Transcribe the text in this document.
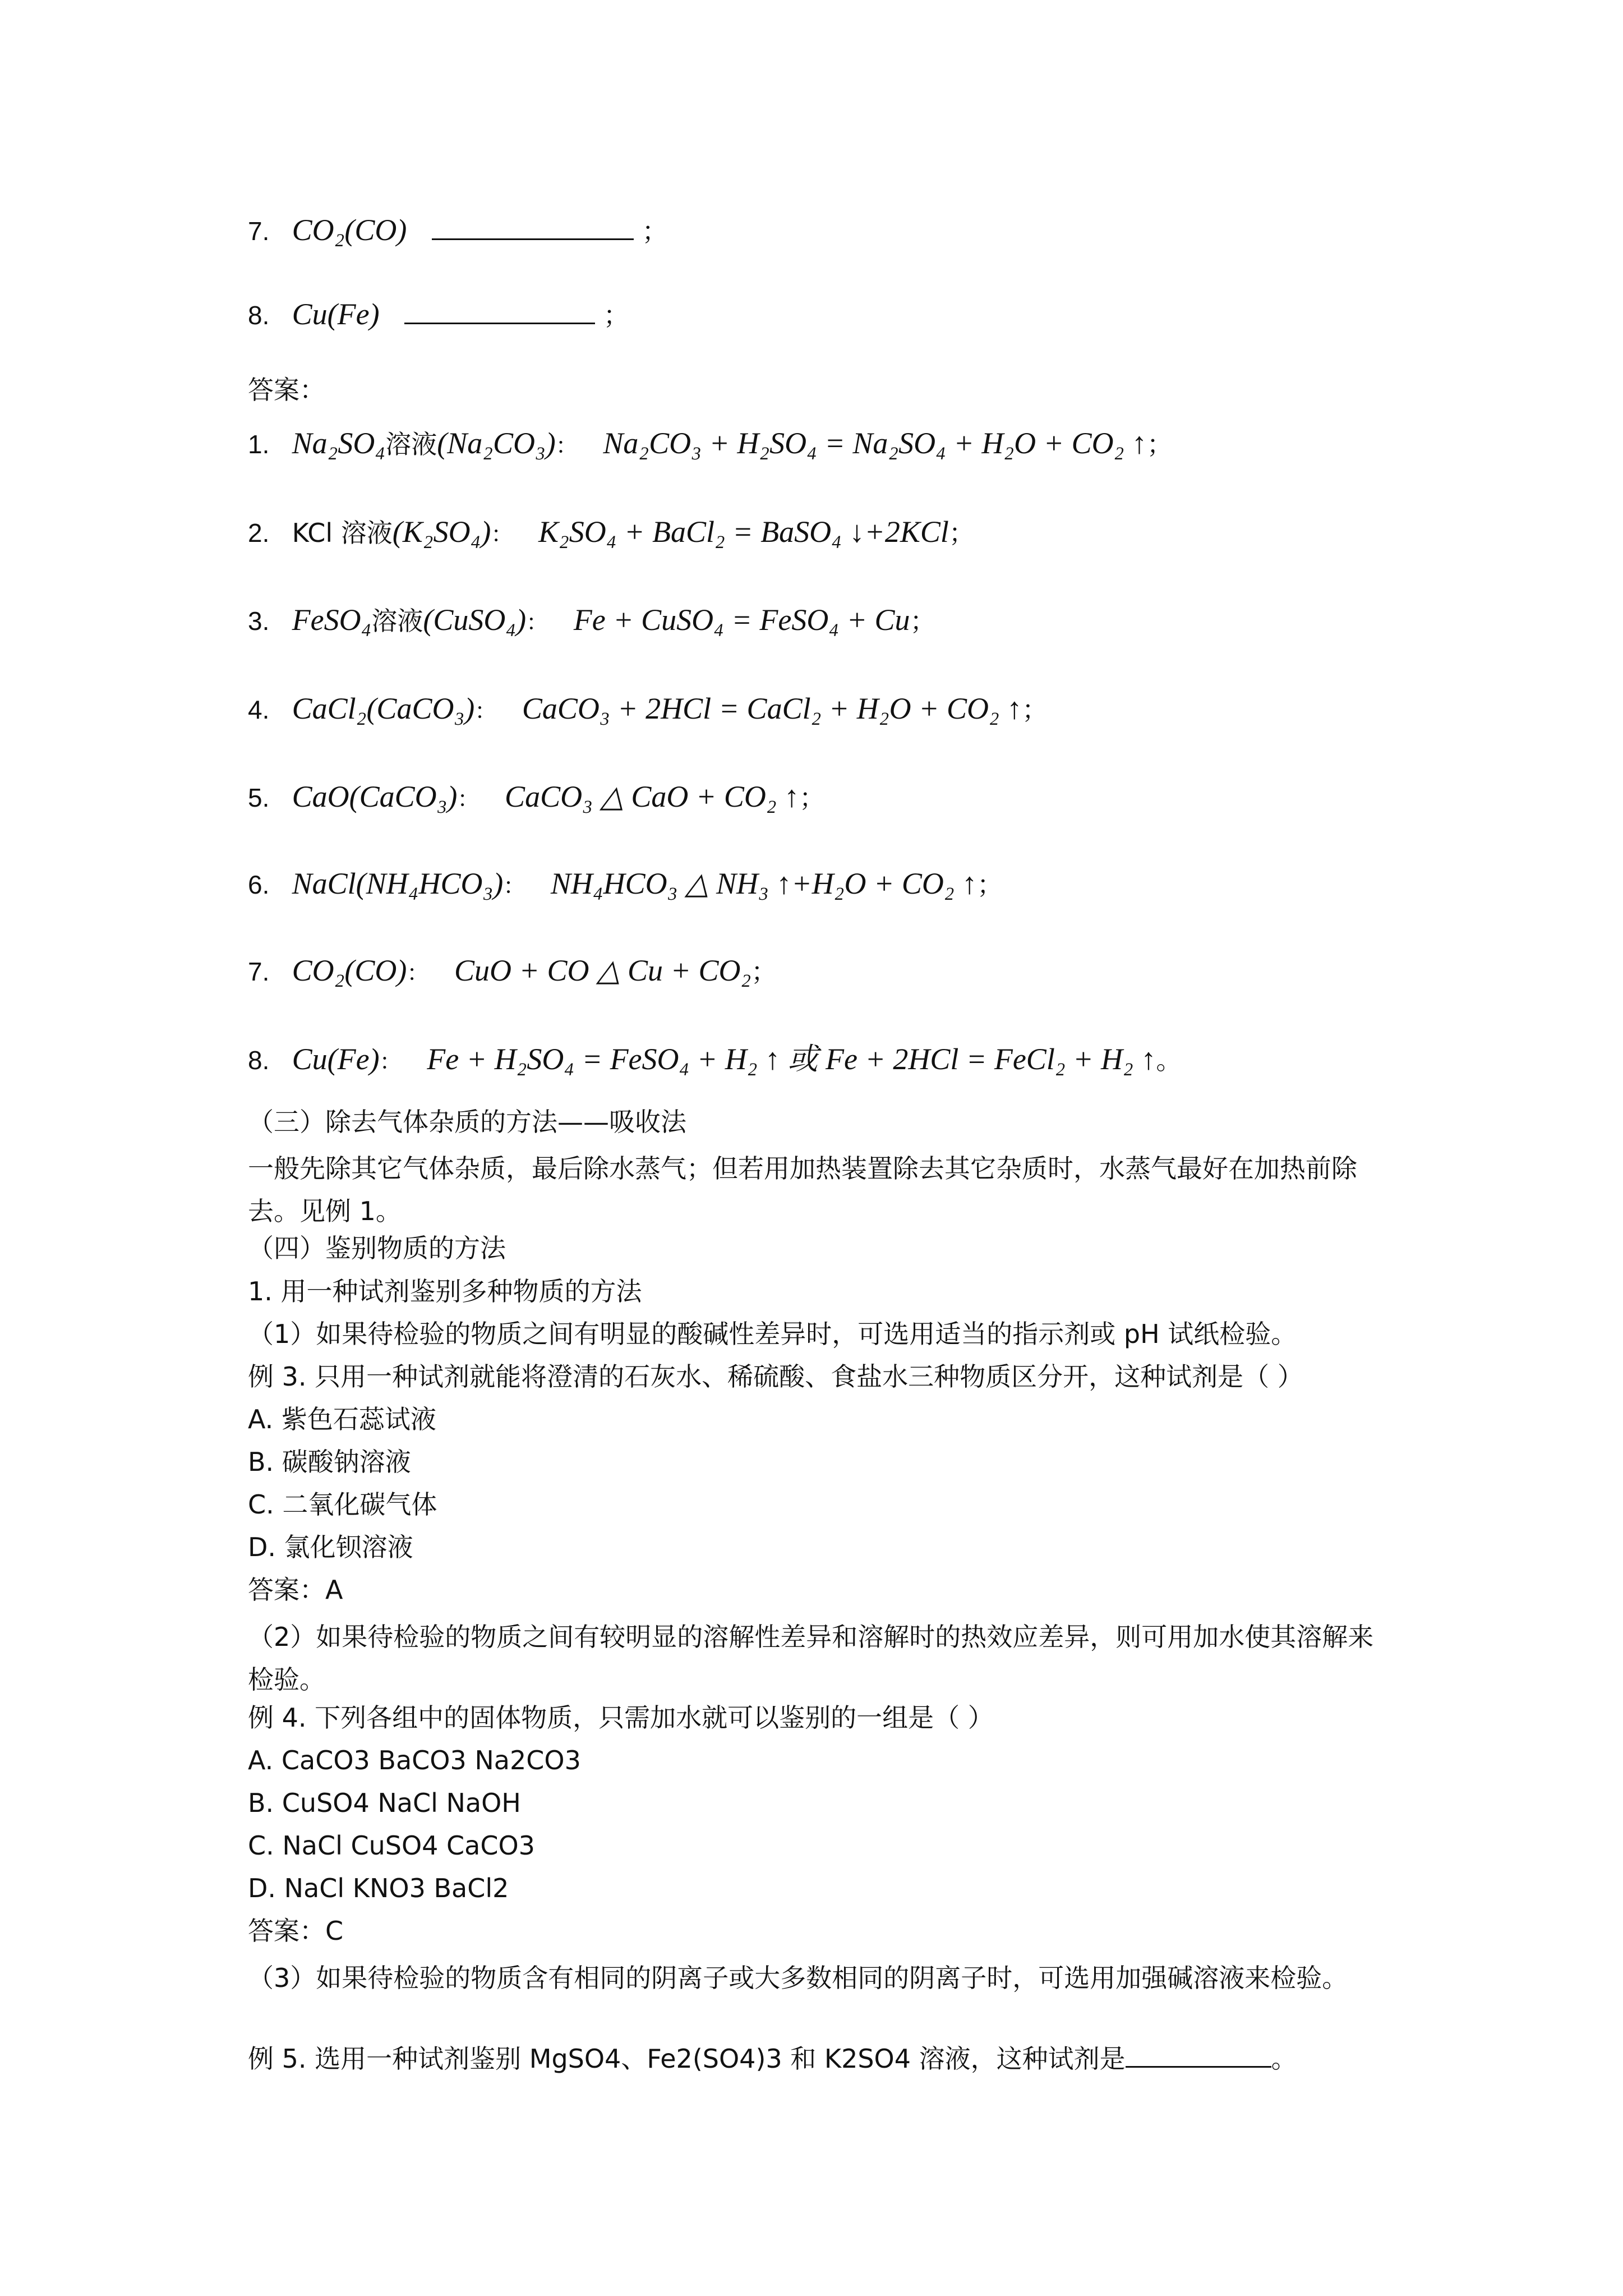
7. CO₂(CO)	；
8. Cu(Fe)	；
答案：
1. Na₂SO₄溶液(Na₂CO₃)： Na₂CO₃ + H₂SO₄ = Na₂SO₄ + H₂O + CO₂ ↑；
2. KCl 溶液(K₂SO₄)： K₂SO₄ + BaCl₂ = BaSO₄ ↓+2KCl；
3. FeSO₄溶液(CuSO₄)： Fe + CuSO₄ = FeSO₄ + Cu；
4. CaCl₂(CaCO₃)： CaCO₃ + 2HCl = CaCl₂ + H₂O + CO₂ ↑；
5. CaO(CaCO₃)： CaCO₃ △ CaO + CO₂ ↑；
6. NaCl(NH₄HCO₃)： NH₄HCO₃ △ NH₃ ↑+H₂O + CO₂ ↑；
7. CO₂(CO)： CuO + CO △ Cu + CO₂；
8. Cu(Fe)： Fe + H₂SO₄ = FeSO₄ + H₂ ↑ 或 Fe + 2HCl = FeCl₂ + H₂ ↑。
（三）除去气体杂质的方法——吸收法
一般先除其它气体杂质，最后除水蒸气；但若用加热装置除去其它杂质时，水蒸气最好在加热前除去。见例 1。
（四）鉴别物质的方法
1. 用一种试剂鉴别多种物质的方法
（1）如果待检验的物质之间有明显的酸碱性差异时，可选用适当的指示剂或 pH 试纸检验。
例 3. 只用一种试剂就能将澄清的石灰水、稀硫酸、食盐水三种物质区分开，这种试剂是（ ）
A. 紫色石蕊试液
B. 碳酸钠溶液
C. 二氧化碳气体
D. 氯化钡溶液
答案：A
（2）如果待检验的物质之间有较明显的溶解性差异和溶解时的热效应差异，则可用加水使其溶解来检验。
例 4. 下列各组中的固体物质，只需加水就可以鉴别的一组是（ ）
A. CaCO3 BaCO3 Na2CO3
B. CuSO4 NaCl NaOH
C. NaCl CuSO4 CaCO3
D. NaCl KNO3 BaCl2
答案：C
（3）如果待检验的物质含有相同的阴离子或大多数相同的阴离子时，可选用加强碱溶液来检验。
例 5. 选用一种试剂鉴别 MgSO4、Fe2(SO4)3 和 K2SO4 溶液，这种试剂是	。
